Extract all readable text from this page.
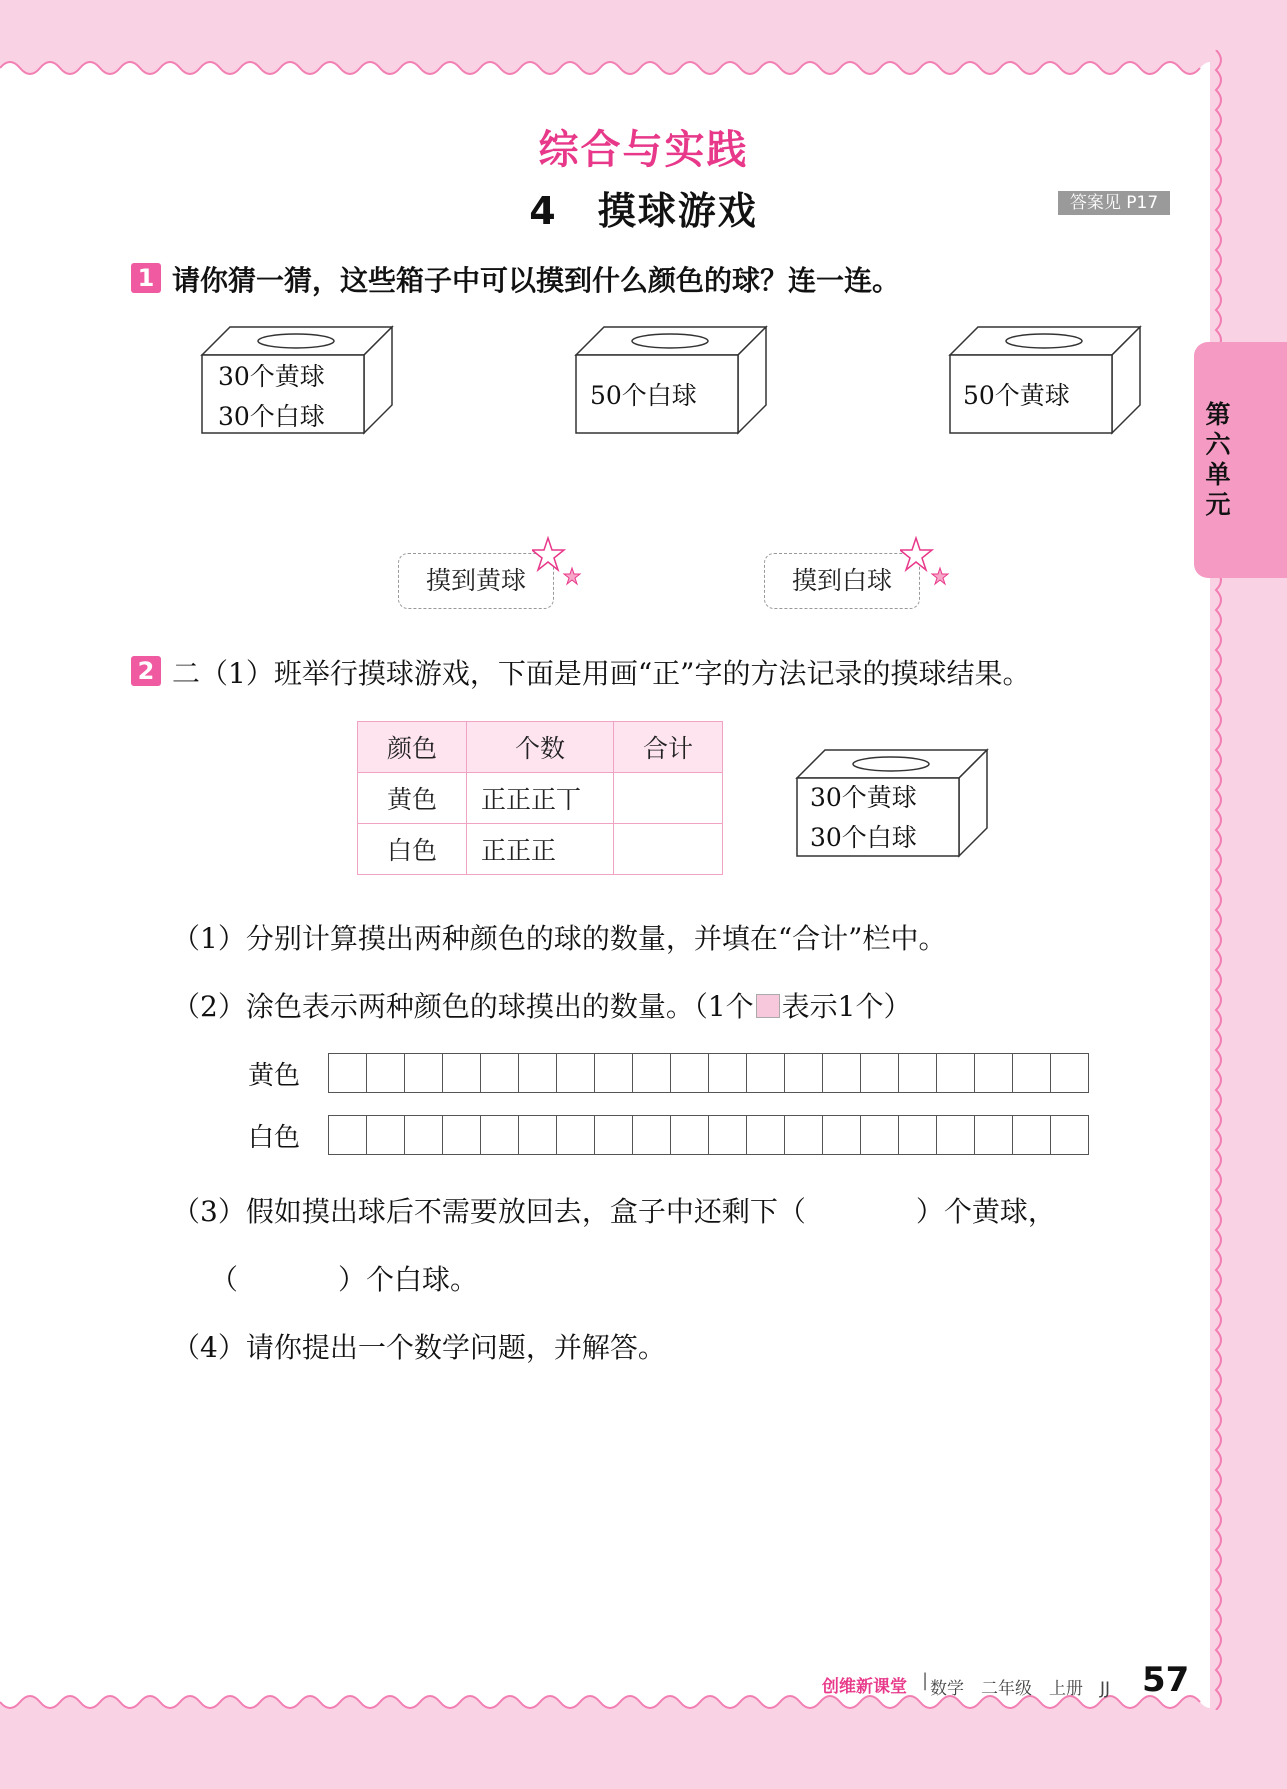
第六单元
综合与实践
4　摸球游戏	答案见 P17
1 请你猜一猜，这些箱子中可以摸到什么颜色的球？连一连。
30个黄球
30个白球
50个白球	50个黄球
摸到黄球	摸到白球
2 二（1）班举行摸球游戏，下面是用画“正”字的方法记录的摸球结果。
颜色	个数	合计
黄色	正正正丅	
白色	正正正	
30个黄球
30个白球
（1）分别计算摸出两种颜色的球的数量，并填在“合计”栏中。
（2）涂色表示两种颜色的球摸出的数量。（1个 表示1个）
黄色
白色
（3）假如摸出球后不需要放回去，盒子中还剩下（	）个黄球，
（	）个白球。
（4）请你提出一个数学问题，并解答。
创维新课堂 | 数学　二年级　上册　JJ 57
